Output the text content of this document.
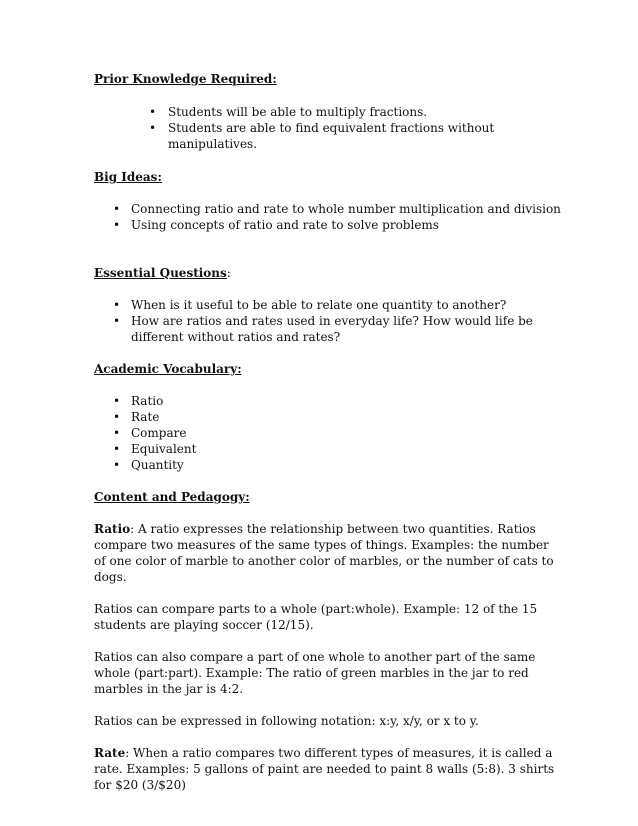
Prior Knowledge Required:

• Students will be able to multiply fractions.
• Students are able to find equivalent fractions without manipulatives.

Big Ideas:

• Connecting ratio and rate to whole number multiplication and division
• Using concepts of ratio and rate to solve problems

Essential Questions:

• When is it useful to be able to relate one quantity to another?
• How are ratios and rates used in everyday life? How would life be different without ratios and rates?

Academic Vocabulary:

• Ratio
• Rate
• Compare
• Equivalent
• Quantity

Content and Pedagogy:

Ratio: A ratio expresses the relationship between two quantities. Ratios compare two measures of the same types of things. Examples: the number of one color of marble to another color of marbles, or the number of cats to dogs.

Ratios can compare parts to a whole (part:whole). Example: 12 of the 15 students are playing soccer (12/15).

Ratios can also compare a part of one whole to another part of the same whole (part:part). Example: The ratio of green marbles in the jar to red marbles in the jar is 4:2.

Ratios can be expressed in following notation: x:y, x/y, or x to y.

Rate: When a ratio compares two different types of measures, it is called a rate. Examples: 5 gallons of paint are needed to paint 8 walls (5:8). 3 shirts for $20 (3/$20)
